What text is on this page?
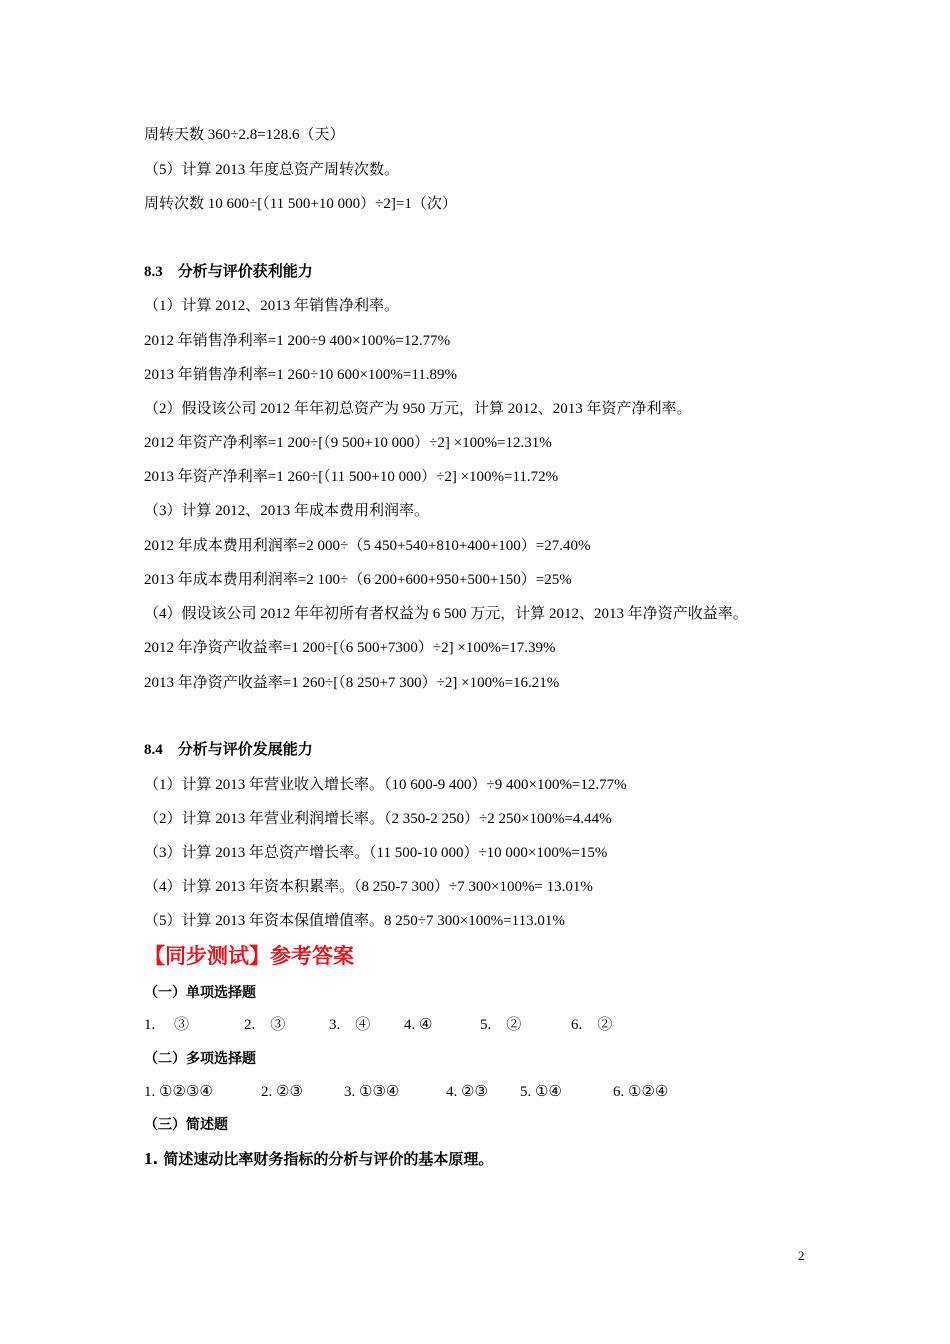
周转天数 360÷2.8=128.6（天）
（5）计算 2013 年度总资产周转次数。
周转次数 10 600÷[（11 500+10 000）÷2]=1（次）
8.3　分析与评价获利能力
（1）计算 2012、2013 年销售净利率。
2012 年销售净利率=1 200÷9 400×100%=12.77%
2013 年销售净利率=1 260÷10 600×100%=11.89%
（2）假设该公司 2012 年年初总资产为 950 万元，计算 2012、2013 年资产净利率。
2012 年资产净利率=1 200÷[（9 500+10 000）÷2] ×100%=12.31%
2013 年资产净利率=1 260÷[（11 500+10 000）÷2] ×100%=11.72%
（3）计算 2012、2013 年成本费用利润率。
2012 年成本费用利润率=2 000÷（5 450+540+810+400+100）=27.40%
2013 年成本费用利润率=2 100÷（6 200+600+950+500+150）=25%
（4）假设该公司 2012 年年初所有者权益为 6 500 万元，计算 2012、2013 年净资产收益率。
2012 年净资产收益率=1 200÷[（6 500+7300）÷2] ×100%=17.39%
2013 年净资产收益率=1 260÷[（8 250+7 300）÷2] ×100%=16.21%
8.4　分析与评价发展能力
（1）计算 2013 年营业收入增长率。（10 600-9 400）÷9 400×100%=12.77%
（2）计算 2013 年营业利润增长率。（2 350-2 250）÷2 250×100%=4.44%
（3）计算 2013 年总资产增长率。（11 500-10 000）÷10 000×100%=15%
（4）计算 2013 年资本积累率。（8 250-7 300）÷7 300×100%= 13.01%
（5）计算 2013 年资本保值增值率。8 250÷7 300×100%=113.01%
【同步测试】参考答案
（一）单项选择题
1.　 ③	2.　③	3.　④ 4. ④	5.　②	6.　②
（二）多项选择题
1. ①②③④	2. ②③	3. ①③④	4. ②③ 5. ①④	6. ①②④
（三）简述题
1. 简述速动比率财务指标的分析与评价的基本原理。
2
